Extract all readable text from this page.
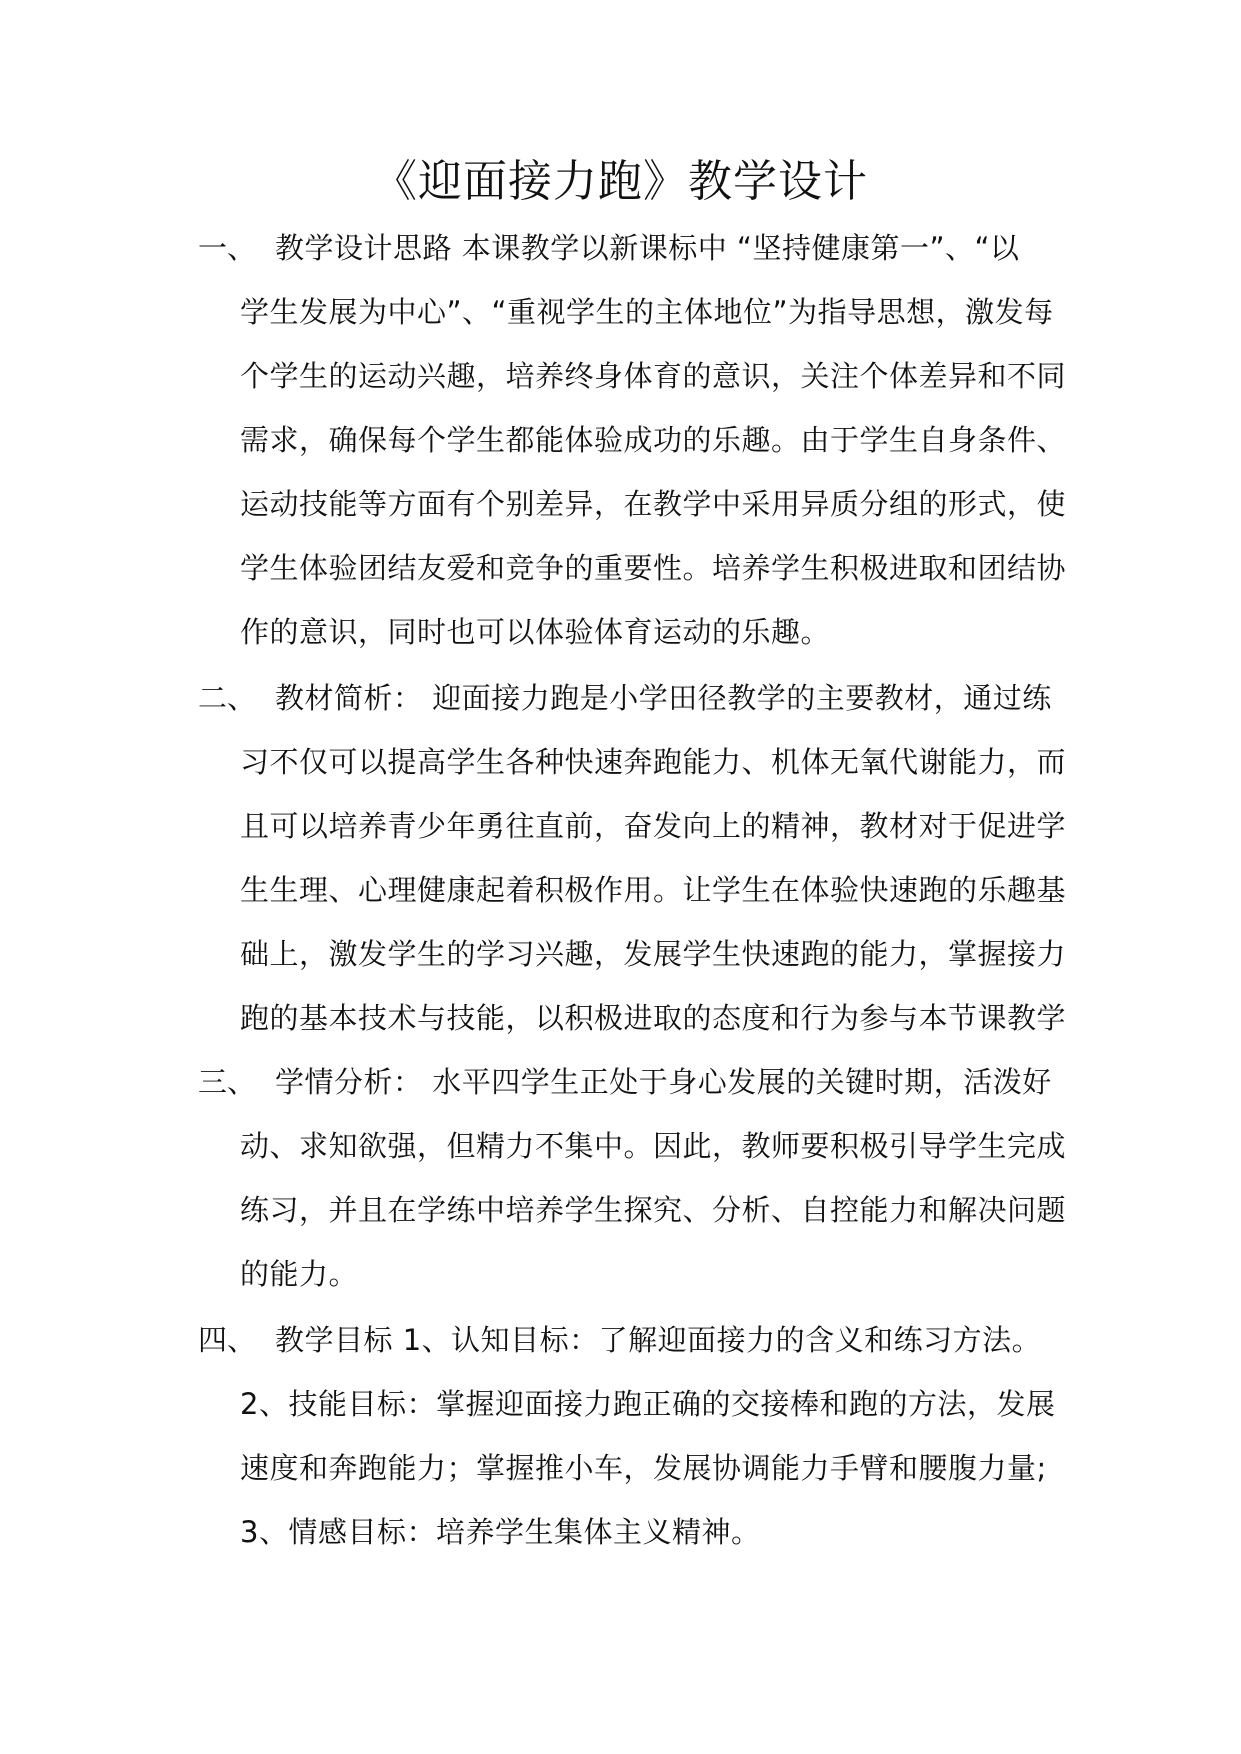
《迎面接力跑》教学设计
一、 教学设计思路 本课教学以新课标中 “坚持健康第一”、“以
学生发展为中心”、“重视学生的主体地位”为指导思想，激发每
个学生的运动兴趣，培养终身体育的意识，关注个体差异和不同
需求，确保每个学生都能体验成功的乐趣。由于学生自身条件、
运动技能等方面有个别差异，在教学中采用异质分组的形式，使
学生体验团结友爱和竞争的重要性。培养学生积极进取和团结协
作的意识，同时也可以体验体育运动的乐趣。
二、 教材简析： 迎面接力跑是小学田径教学的主要教材，通过练
习不仅可以提高学生各种快速奔跑能力、机体无氧代谢能力，而
且可以培养青少年勇往直前，奋发向上的精神，教材对于促进学
生生理、心理健康起着积极作用。让学生在体验快速跑的乐趣基
础上，激发学生的学习兴趣，发展学生快速跑的能力，掌握接力
跑的基本技术与技能，以积极进取的态度和行为参与本节课教学
三、 学情分析： 水平四学生正处于身心发展的关键时期，活泼好
动、求知欲强，但精力不集中。因此，教师要积极引导学生完成
练习，并且在学练中培养学生探究、分析、自控能力和解决问题
的能力。
四、 教学目标 1、认知目标：了解迎面接力的含义和练习方法。
2、技能目标：掌握迎面接力跑正确的交接棒和跑的方法，发展
速度和奔跑能力；掌握推小车，发展协调能力手臂和腰腹力量;
3、情感目标：培养学生集体主义精神。
